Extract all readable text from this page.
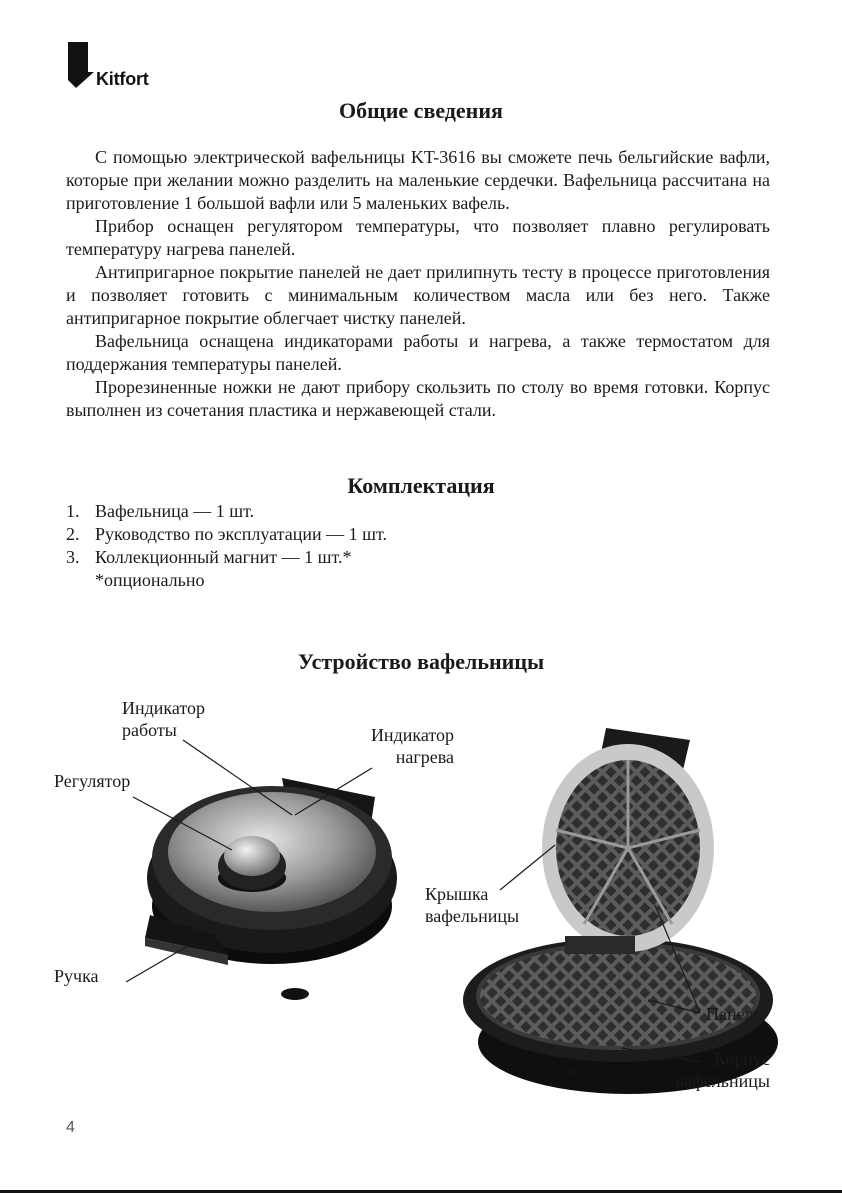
Kitfort
Общие сведения

С помощью электрической вафельницы KT-3616 вы сможете печь бельгийские вафли, которые при желании можно разделить на маленькие сердечки. Вафельница рассчитана на приготовление 1 большой вафли или 5 маленьких вафель.

Прибор оснащен регулятором температуры, что позволяет плавно регулировать температуру нагрева панелей.

Антипригарное покрытие панелей не дает прилипнуть тесту в процессе приготовления и позволяет готовить с минимальным количеством масла или без него. Также антипригарное покрытие облегчает чистку панелей.

Вафельница оснащена индикаторами работы и нагрева, а также термостатом для поддержания температуры панелей.

Прорезиненные ножки не дают прибору скользить по столу во время готовки. Корпус выполнен из сочетания пластика и нержавеющей стали.

Комплектация
1. Вафельница — 1 шт.
2. Руководство по эксплуатации — 1 шт.
3. Коллекционный магнит — 1 шт.*
*опционально
Устройство вафельницы
Индикатор
работы	Индикатор
нагрева
Регулятор
Ручка
Крышка
вафельницы
Панели
Корпус
вафельницы
4
